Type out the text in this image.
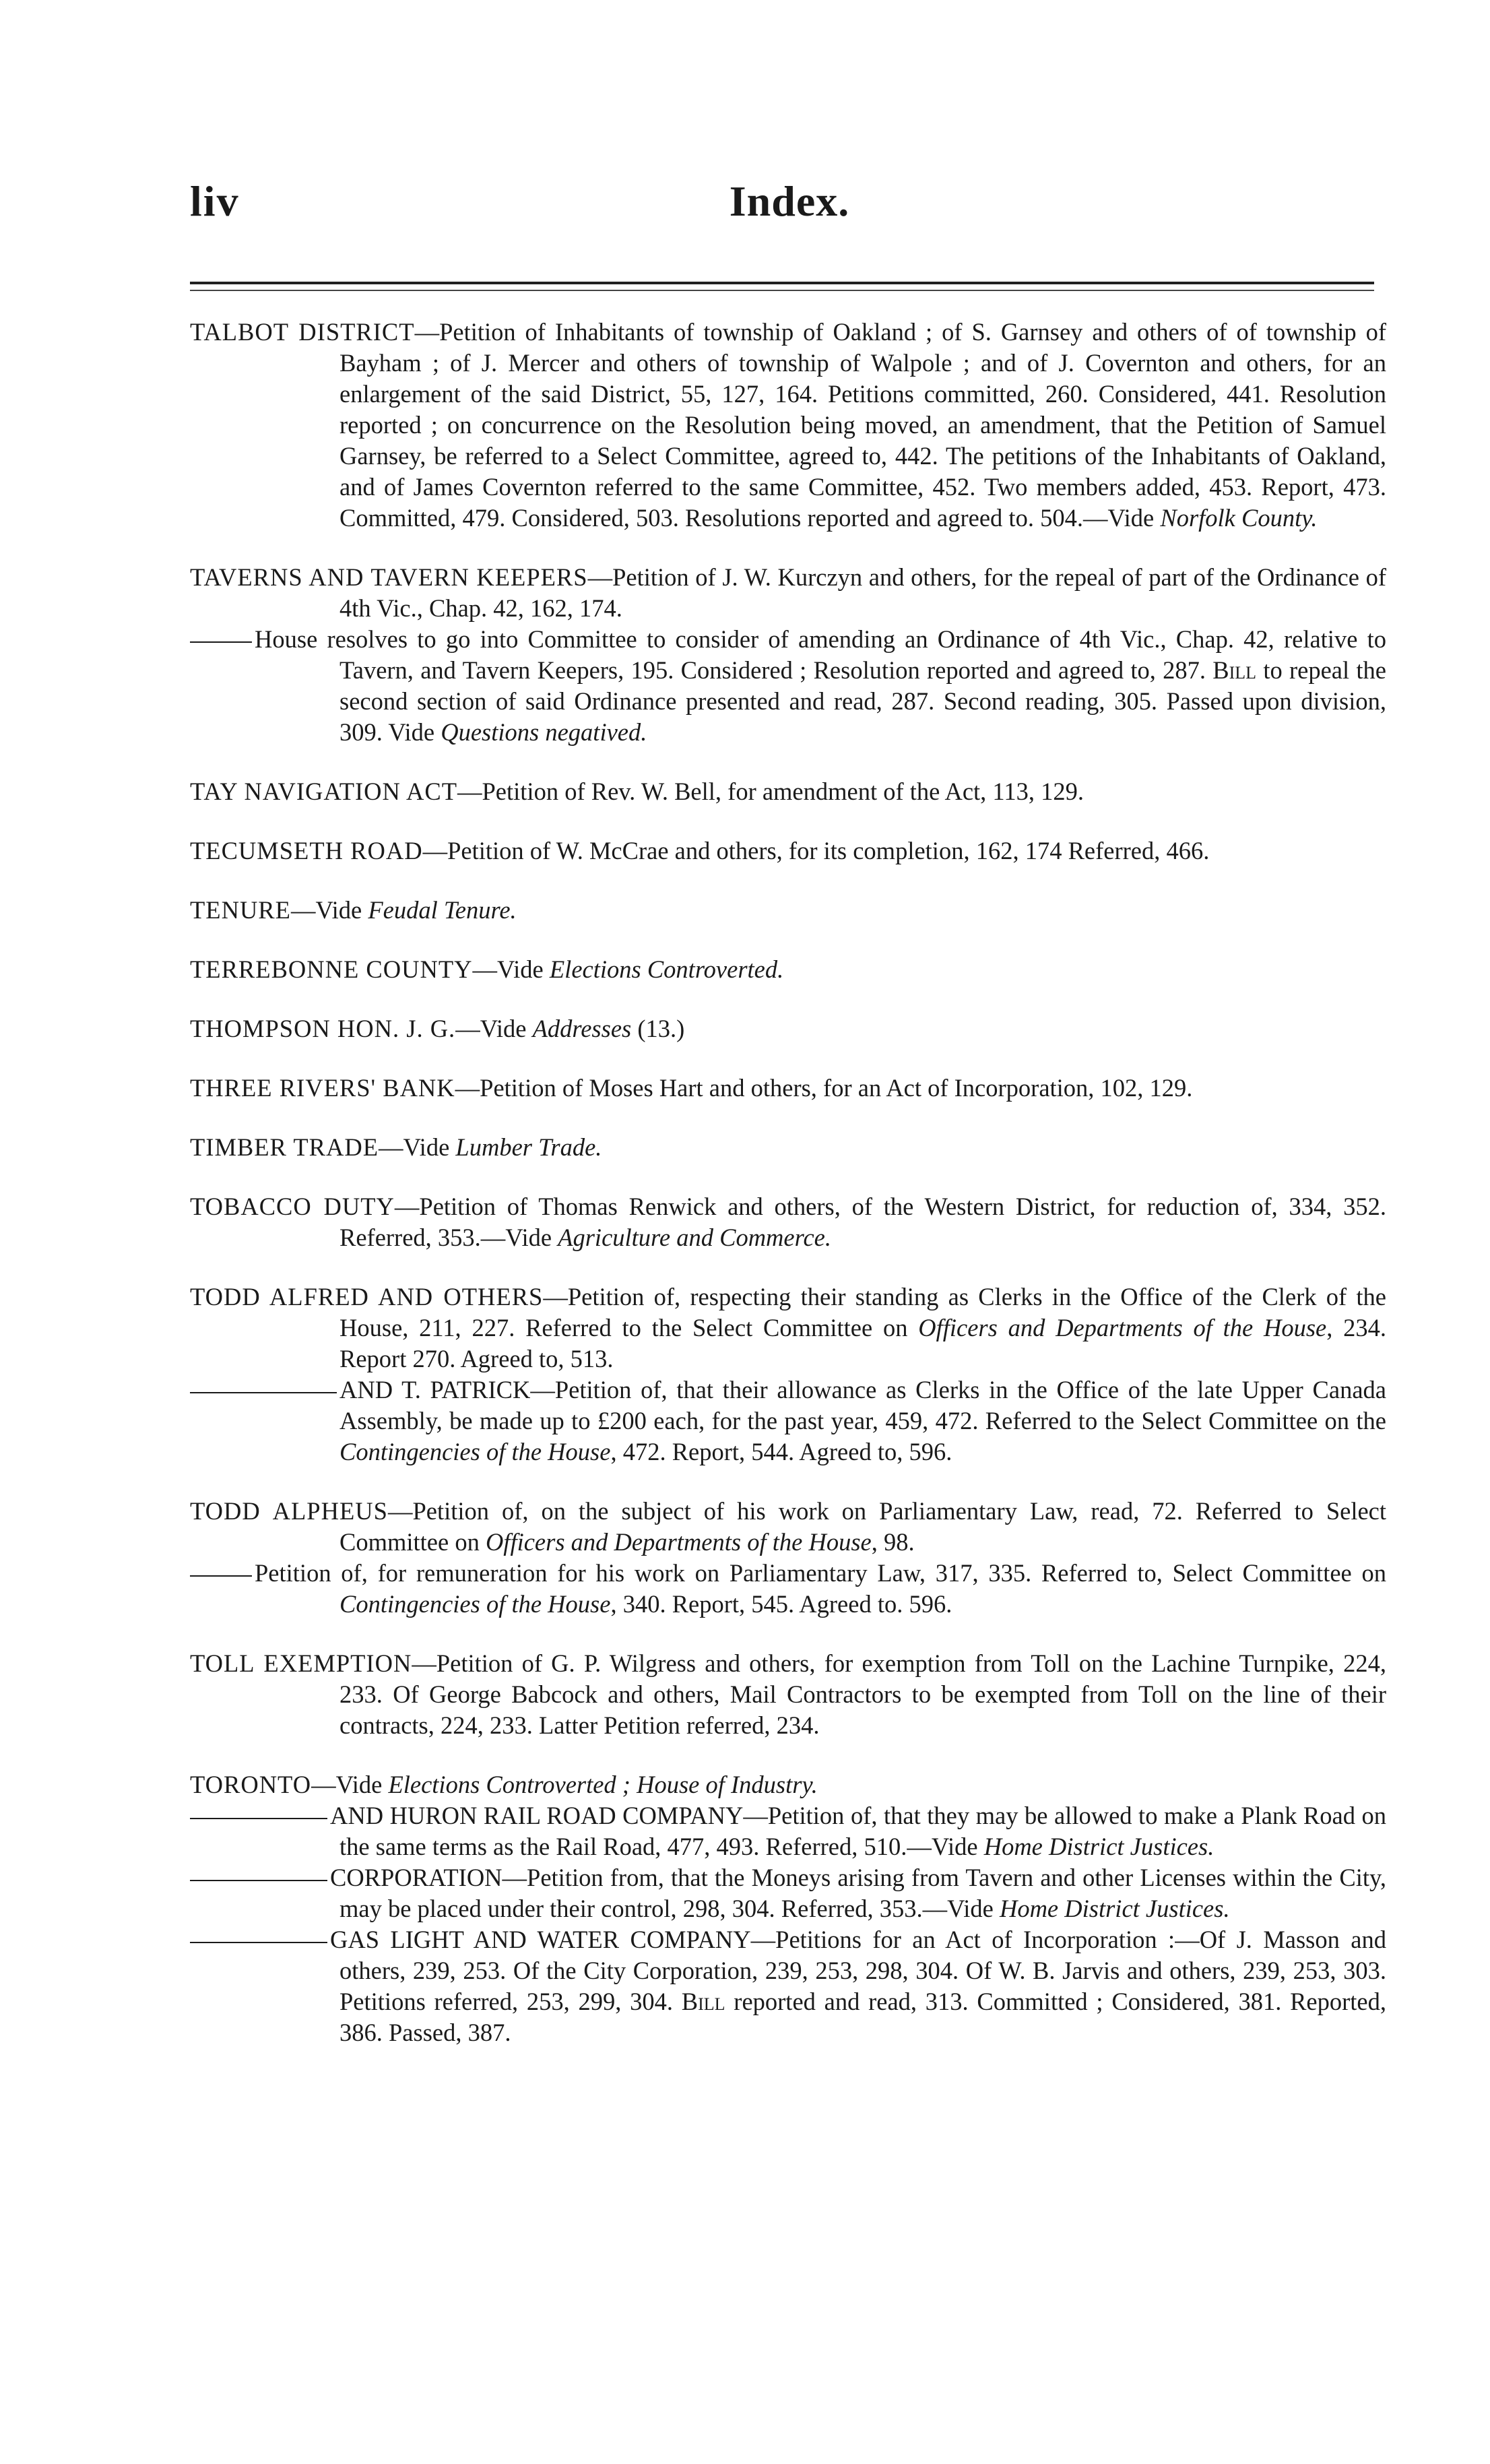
liv	Index.
TALBOT DISTRICT—Petition of Inhabitants of township of Oakland ; of S. Garnsey and others of of township of Bayham ; of J. Mercer and others of township of Walpole ; and of J. Covernton and others, for an enlargement of the said District, 55, 127, 164. Petitions committed, 260. Considered, 441. Resolution reported ; on concurrence on the Resolution being moved, an amendment, that the Petition of Samuel Garnsey, be referred to a Select Committee, agreed to, 442. The petitions of the Inhabitants of Oakland, and of James Covernton referred to the same Committee, 452. Two members added, 453. Report, 473. Committed, 479. Considered, 503. Resolutions reported and agreed to. 504.—Vide Norfolk County.
TAVERNS AND TAVERN KEEPERS—Petition of J. W. Kurczyn and others, for the repeal of part of the Ordinance of 4th Vic., Chap. 42, 162, 174.
House resolves to go into Committee to consider of amending an Ordinance of 4th Vic., Chap. 42, relative to Tavern, and Tavern Keepers, 195. Considered ; Resolution reported and agreed to, 287. Bill to repeal the second section of said Ordinance presented and read, 287. Second reading, 305. Passed upon division, 309. Vide Questions negatived.
TAY NAVIGATION ACT—Petition of Rev. W. Bell, for amendment of the Act, 113, 129.
TECUMSETH ROAD—Petition of W. McCrae and others, for its completion, 162, 174 Referred, 466.
TENURE—Vide Feudal Tenure.
TERREBONNE COUNTY—Vide Elections Controverted.
THOMPSON HON. J. G.—Vide Addresses (13.)
THREE RIVERS' BANK—Petition of Moses Hart and others, for an Act of Incorporation, 102, 129.
TIMBER TRADE—Vide Lumber Trade.
TOBACCO DUTY—Petition of Thomas Renwick and others, of the Western District, for reduction of, 334, 352. Referred, 353.—Vide Agriculture and Commerce.
TODD ALFRED AND OTHERS—Petition of, respecting their standing as Clerks in the Office of the Clerk of the House, 211, 227. Referred to the Select Committee on Officers and Departments of the House, 234. Report 270. Agreed to, 513.
AND T. PATRICK—Petition of, that their allowance as Clerks in the Office of the late Upper Canada Assembly, be made up to £200 each, for the past year, 459, 472. Referred to the Select Committee on the Contingencies of the House, 472. Report, 544. Agreed to, 596.
TODD ALPHEUS—Petition of, on the subject of his work on Parliamentary Law, read, 72. Referred to Select Committee on Officers and Departments of the House, 98.
Petition of, for remuneration for his work on Parliamentary Law, 317, 335. Referred to, Select Committee on Contingencies of the House, 340. Report, 545. Agreed to. 596.
TOLL EXEMPTION—Petition of G. P. Wilgress and others, for exemption from Toll on the Lachine Turnpike, 224, 233. Of George Babcock and others, Mail Contractors to be exempted from Toll on the line of their contracts, 224, 233. Latter Petition referred, 234.
TORONTO—Vide Elections Controverted ; House of Industry.
AND HURON RAIL ROAD COMPANY—Petition of, that they may be allowed to make a Plank Road on the same terms as the Rail Road, 477, 493. Referred, 510.—Vide Home District Justices.
CORPORATION—Petition from, that the Moneys arising from Tavern and other Licenses within the City, may be placed under their control, 298, 304. Referred, 353.—Vide Home District Justices.
GAS LIGHT AND WATER COMPANY—Petitions for an Act of Incorporation :—Of J. Masson and others, 239, 253. Of the City Corporation, 239, 253, 298, 304. Of W. B. Jarvis and others, 239, 253, 303. Petitions referred, 253, 299, 304. Bill reported and read, 313. Committed ; Considered, 381. Reported, 386. Passed, 387.
